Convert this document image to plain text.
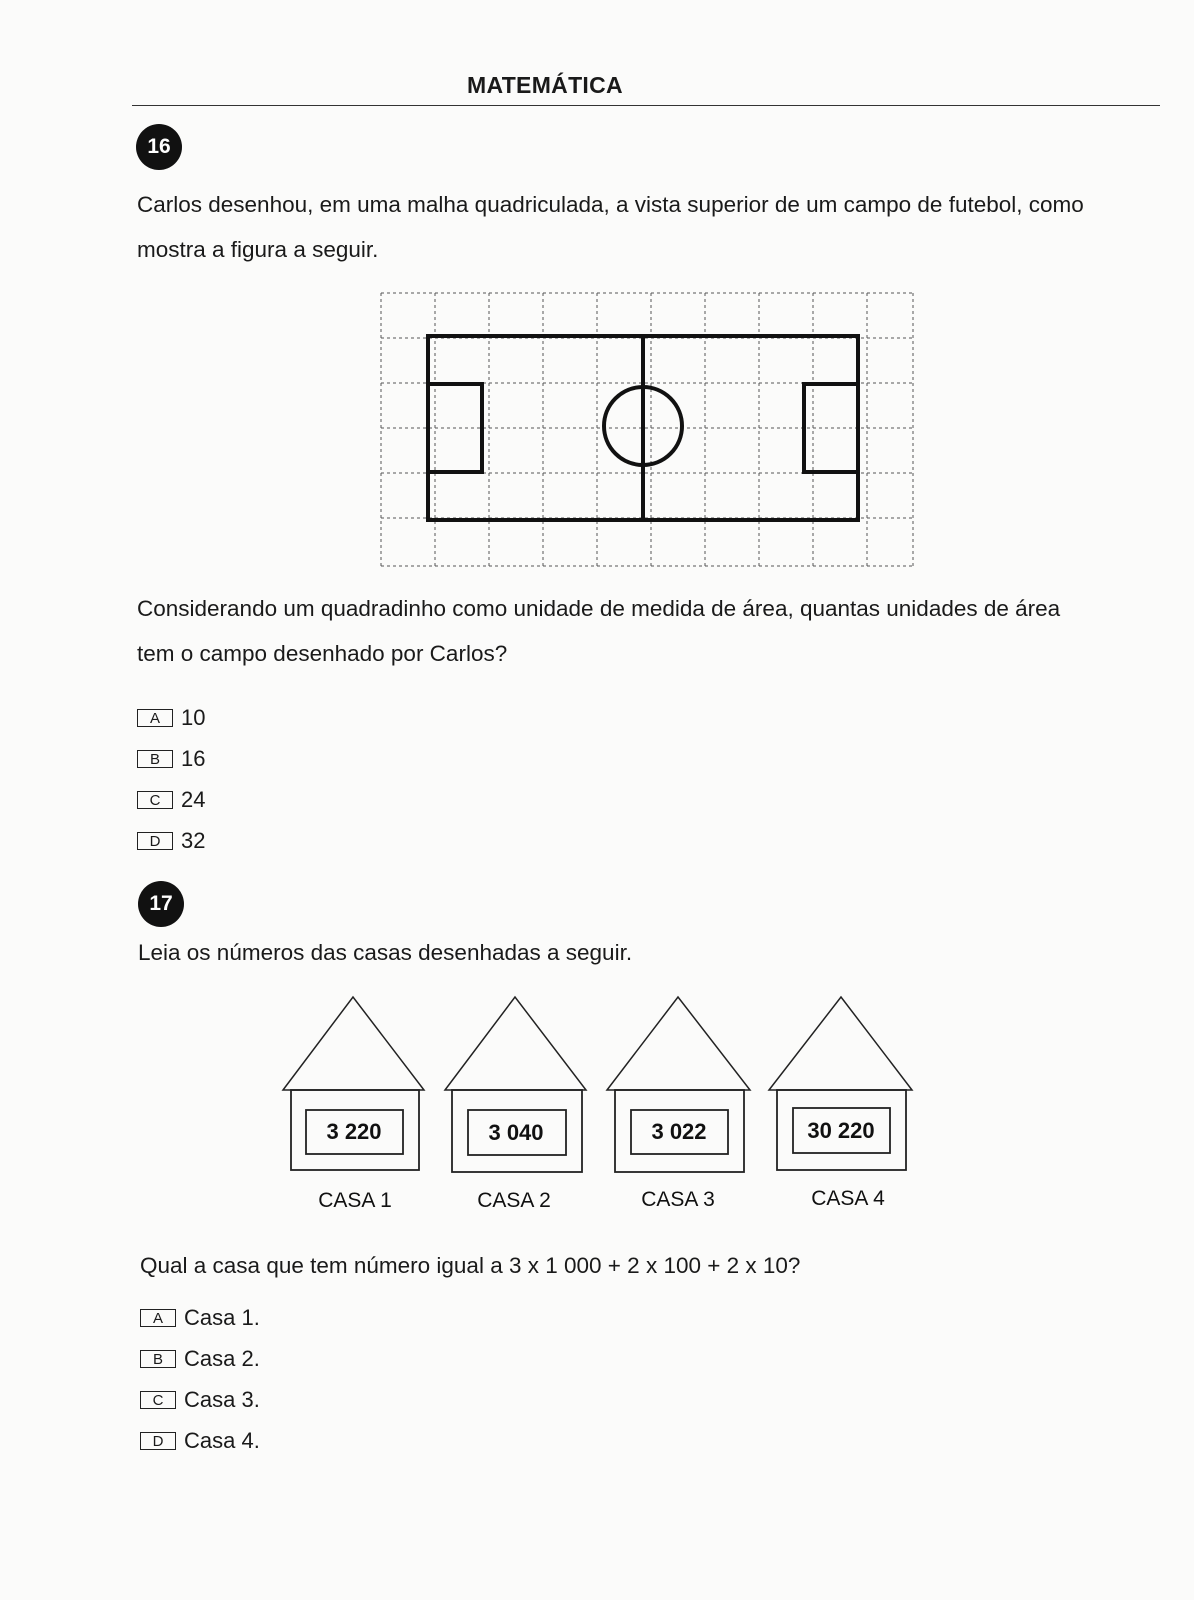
MATEMÁTICA
16
Carlos desenhou, em uma malha quadriculada, a vista superior de um campo de futebol, como
mostra a figura a seguir.
Considerando um quadradinho como unidade de medida de área, quantas unidades de área
tem o campo desenhado por Carlos?
A 10
B 16
C 24
D 32
17
Leia os números das casas desenhadas a seguir.
3 220
CASA 1
3 040
CASA 2
3 022
CASA 3
30 220
CASA 4
Qual a casa que tem número igual a 3 x 1 000 + 2 x 100 + 2 x 10?
A Casa 1.
B Casa 2.
C Casa 3.
D Casa 4.
